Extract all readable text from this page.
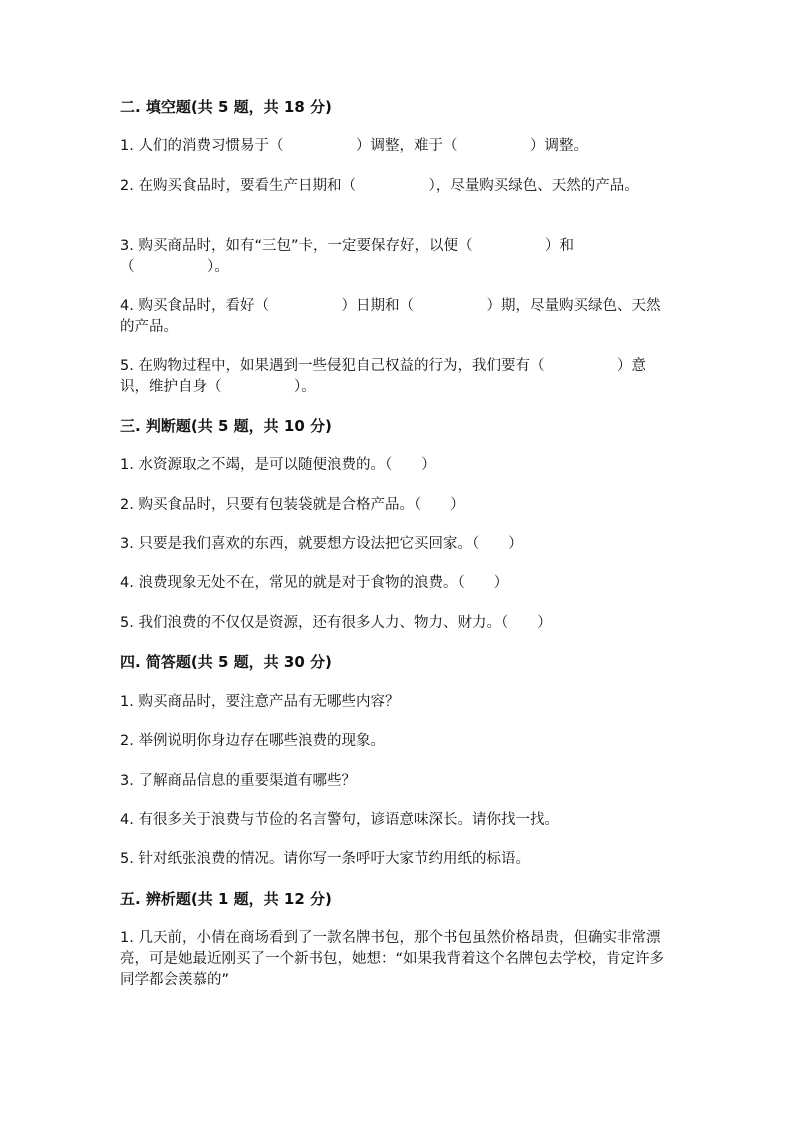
二. 填空题(共 5 题，共 18 分)
1. 人们的消费习惯易于（　　　　　）调整，难于（　　　　　）调整。
2. 在购买食品时，要看生产日期和（　　　　　），尽量购买绿色、天然的产品。
3. 购买商品时，如有“三包”卡，一定要保存好，以便（　　　　　）和（　　　　　）。
4. 购买食品时，看好（　　　　　）日期和（　　　　　）期，尽量购买绿色、天然的产品。
5. 在购物过程中，如果遇到一些侵犯自己权益的行为，我们要有（　　　　　）意识，维护自身（　　　　　）。
三. 判断题(共 5 题，共 10 分)
1. 水资源取之不竭，是可以随便浪费的。（　　）
2. 购买食品时，只要有包装袋就是合格产品。（　　）
3. 只要是我们喜欢的东西，就要想方设法把它买回家。（　　）
4. 浪费现象无处不在，常见的就是对于食物的浪费。（　　）
5. 我们浪费的不仅仅是资源，还有很多人力、物力、财力。（　　）
四. 简答题(共 5 题，共 30 分)
1. 购买商品时，要注意产品有无哪些内容？
2. 举例说明你身边存在哪些浪费的现象。
3. 了解商品信息的重要渠道有哪些？
4. 有很多关于浪费与节俭的名言警句，谚语意味深长。请你找一找。
5. 针对纸张浪费的情况。请你写一条呼吁大家节约用纸的标语。
五. 辨析题(共 1 题，共 12 分)
1. 几天前，小倩在商场看到了一款名牌书包，那个书包虽然价格昂贵，但确实非常漂亮，可是她最近刚买了一个新书包，她想：“如果我背着这个名牌包去学校，肯定许多同学都会羡慕的”
